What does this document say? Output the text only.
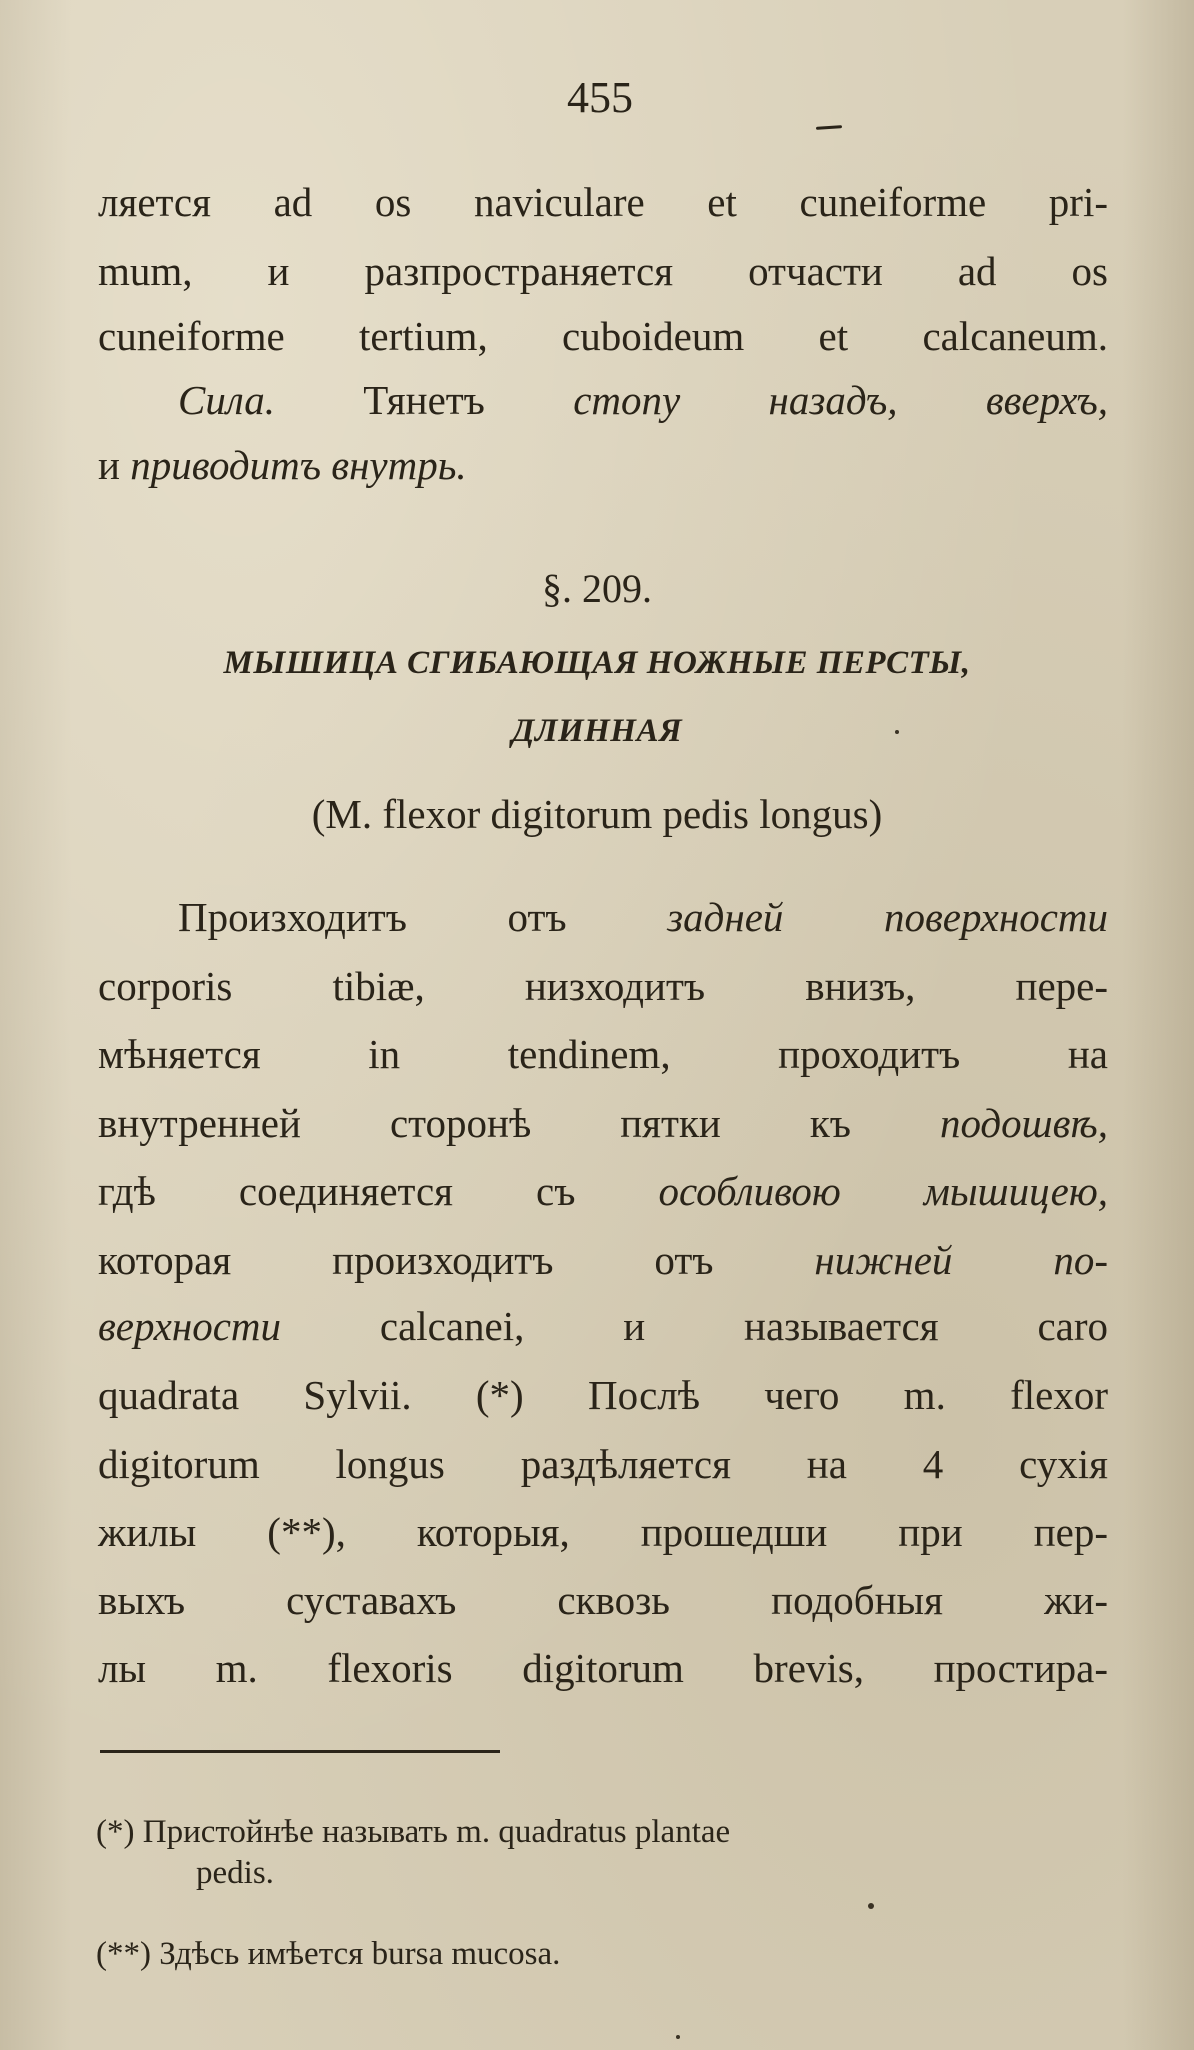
455
ляется ad os naviculare et cuneiforme pri-
mum, и разпространяется отчасти ad os
cuneiforme tertium, cuboideum et calcaneum.
Сила. Тянетъ стопу назадъ, вверхъ,
и приводитъ внутрь.
§. 209.
МЫШИЦА СГИБАЮЩАЯ НОЖНЫЕ ПЕРСТЫ,
ДЛИННАЯ
(M. flexor digitorum pedis longus)
Произходитъ отъ задней поверхности
corporis tibiæ, низходитъ внизъ, пере-
мѣняется in tendinem, проходитъ на
внутренней сторонѣ пятки къ подошвѣ,
гдѣ соединяется съ особливою мышицею,
которая произходитъ отъ нижней по-
верхности calcanei, и называется caro
quadrata Sylvii. (*) Послѣ чего m. flexor
digitorum longus раздѣляется на 4 сухія
жилы (**), которыя, прошедши при пер-
выхъ суставахъ сквозь подобныя жи-
лы m. flexoris digitorum brevis, простира-
(*) Пристойнѣе называть m. quadratus plantae
pedis.
(**) Здѣсь имѣется bursa mucosa.
